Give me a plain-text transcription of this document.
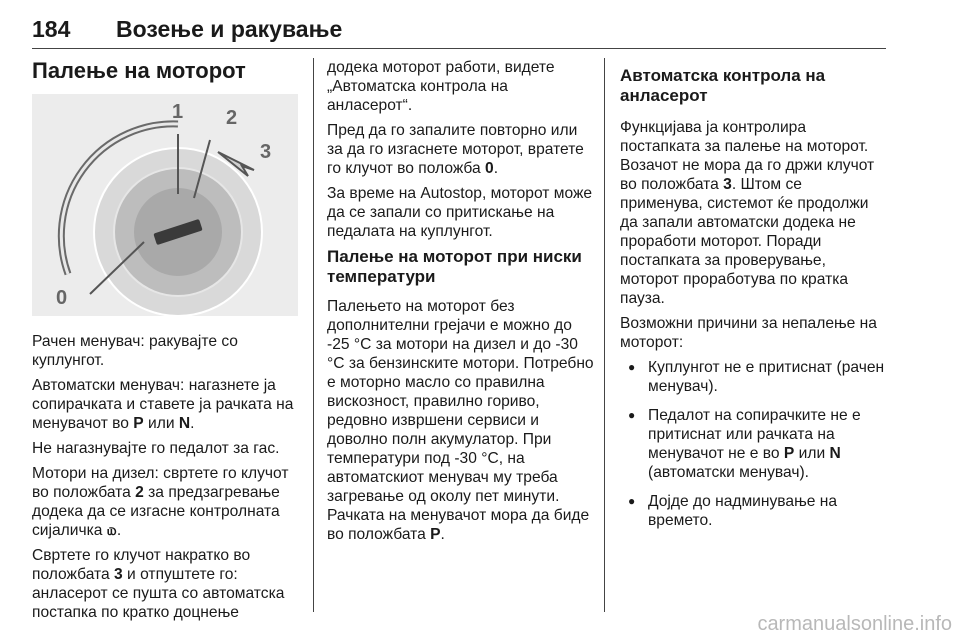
184 Возење и ракување
Палење на моторот
1 2
3
0

Рачен менувач: ракувајте со куплунгот.

Автоматски менувач: нагазнете ја сопирачката и ставете ја рачката на менувачот во P или N.

Не нагазнувајте го педалот за гас.

Мотори на дизел: свртете го клучот во положбата 2 за предзагревање додека да се изгасне контролната сијаличка ௰.

Свртете го клучот накратко во положбата 3 и отпуштете го: анласерот се пушта со автоматска постапка по кратко доцнење

додека моторот работи, видете „Автоматска контрола на анласерот“.

Пред да го запалите повторно или за да го изгаснете моторот, вратете го клучот во положба 0.

За време на Autostop, моторот може да се запали со притискање на педалата на куплунгот.

Палење на моторот при ниски температури

Палењето на моторот без дополнителни грејачи е можно до -25 °C за мотори на дизел и до -30 °C за бензинските мотори. Потребно е моторно масло со правилна вискозност, правилно гориво, редовно извршени сервиси и доволно полн акумулатор. При температури под -30 °C, на автоматскиот менувач му треба загревање од околу пет минути. Рачката на менувачот мора да биде во положбата P.

Автоматска контрола на анласерот

Функцијава ја контролира постапката за палење на моторот. Возачот не мора да го држи клучот во положбата 3. Штом се применува, системот ќе продолжи да запали автоматски додека не проработи моторот. Поради постапката за проверување, моторот проработува по кратка пауза.

Возможни причини за непалење на моторот:

● Куплунгот не е притиснат (рачен менувач).
● Педалот на сопирачките не е притиснат или рачката на менувачот не е во P или N (автоматски менувач).
● Дојде до надминување на времето.
carmanualsonline.info
